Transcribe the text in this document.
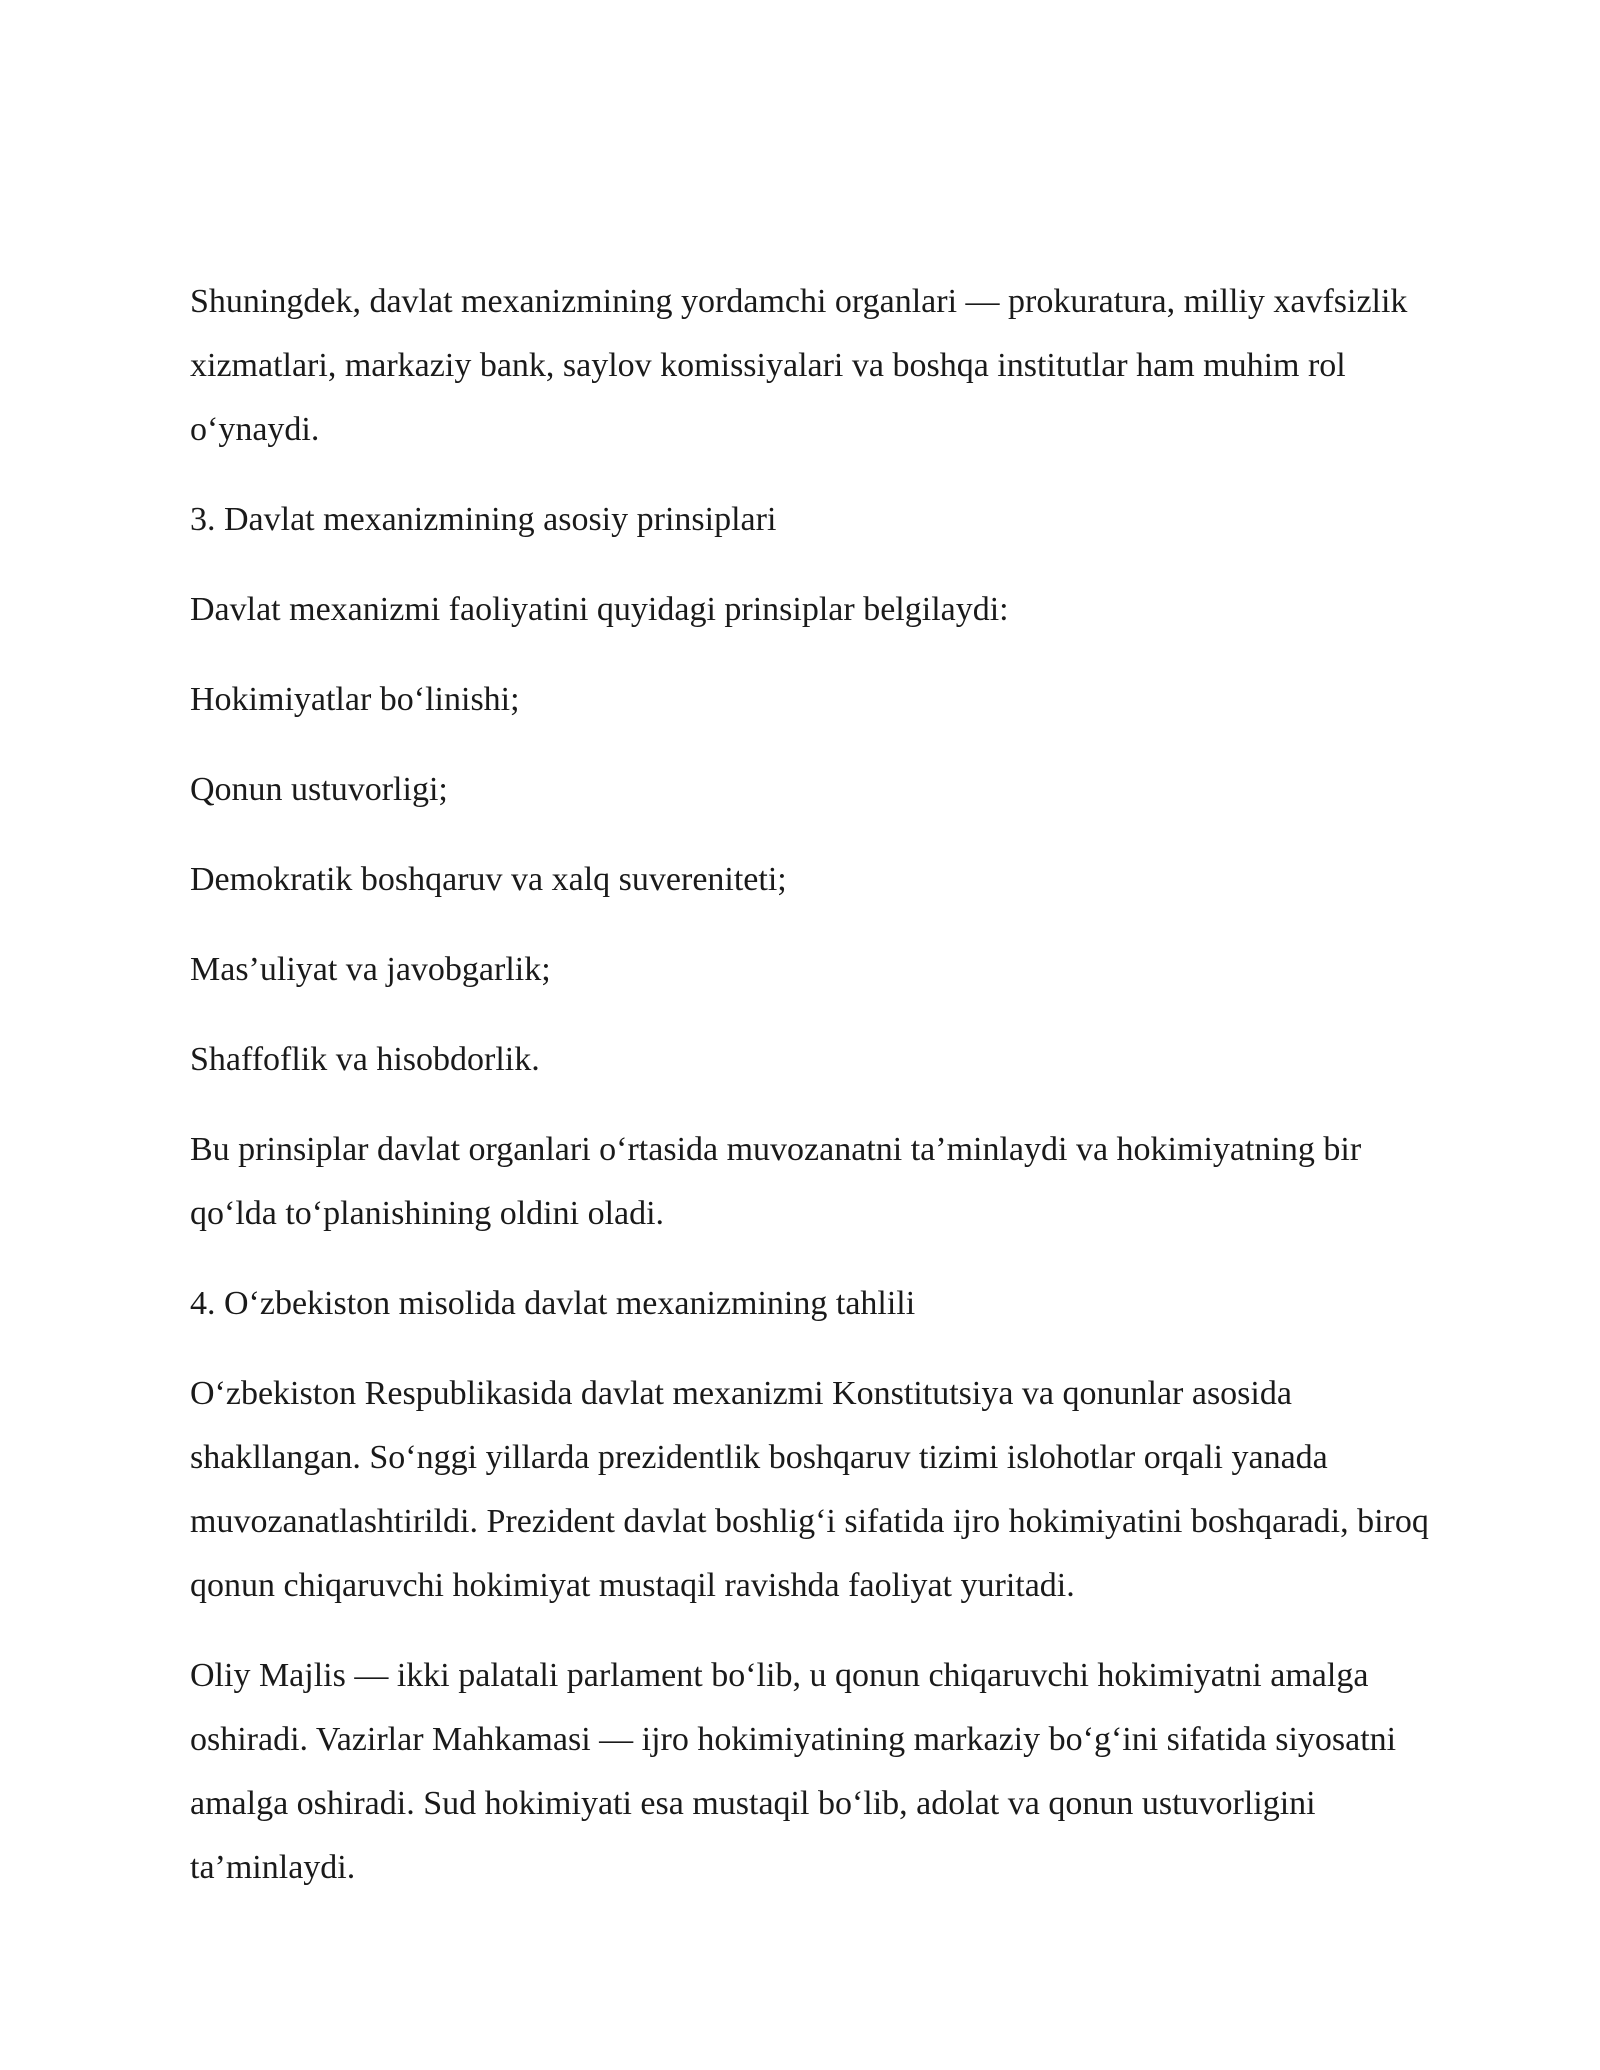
Shuningdek, davlat mexanizmining yordamchi organlari — prokuratura, milliy xavfsizlik xizmatlari, markaziy bank, saylov komissiyalari va boshqa institutlar ham muhim rol o‘ynaydi.

3. Davlat mexanizmining asosiy prinsiplari

Davlat mexanizmi faoliyatini quyidagi prinsiplar belgilaydi:

Hokimiyatlar bo‘linishi;

Qonun ustuvorligi;

Demokratik boshqaruv va xalq suvereniteti;

Mas’uliyat va javobgarlik;

Shaffoflik va hisobdorlik.

Bu prinsiplar davlat organlari o‘rtasida muvozanatni ta’minlaydi va hokimiyatning bir qo‘lda to‘planishining oldini oladi.

4. O‘zbekiston misolida davlat mexanizmining tahlili

O‘zbekiston Respublikasida davlat mexanizmi Konstitutsiya va qonunlar asosida shakllangan. So‘nggi yillarda prezidentlik boshqaruv tizimi islohotlar orqali yanada muvozanatlashtirildi. Prezident davlat boshlig‘i sifatida ijro hokimiyatini boshqaradi, biroq qonun chiqaruvchi hokimiyat mustaqil ravishda faoliyat yuritadi.

Oliy Majlis — ikki palatali parlament bo‘lib, u qonun chiqaruvchi hokimiyatni amalga oshiradi. Vazirlar Mahkamasi — ijro hokimiyatining markaziy bo‘g‘ini sifatida siyosatni amalga oshiradi. Sud hokimiyati esa mustaqil bo‘lib, adolat va qonun ustuvorligini ta’minlaydi.
